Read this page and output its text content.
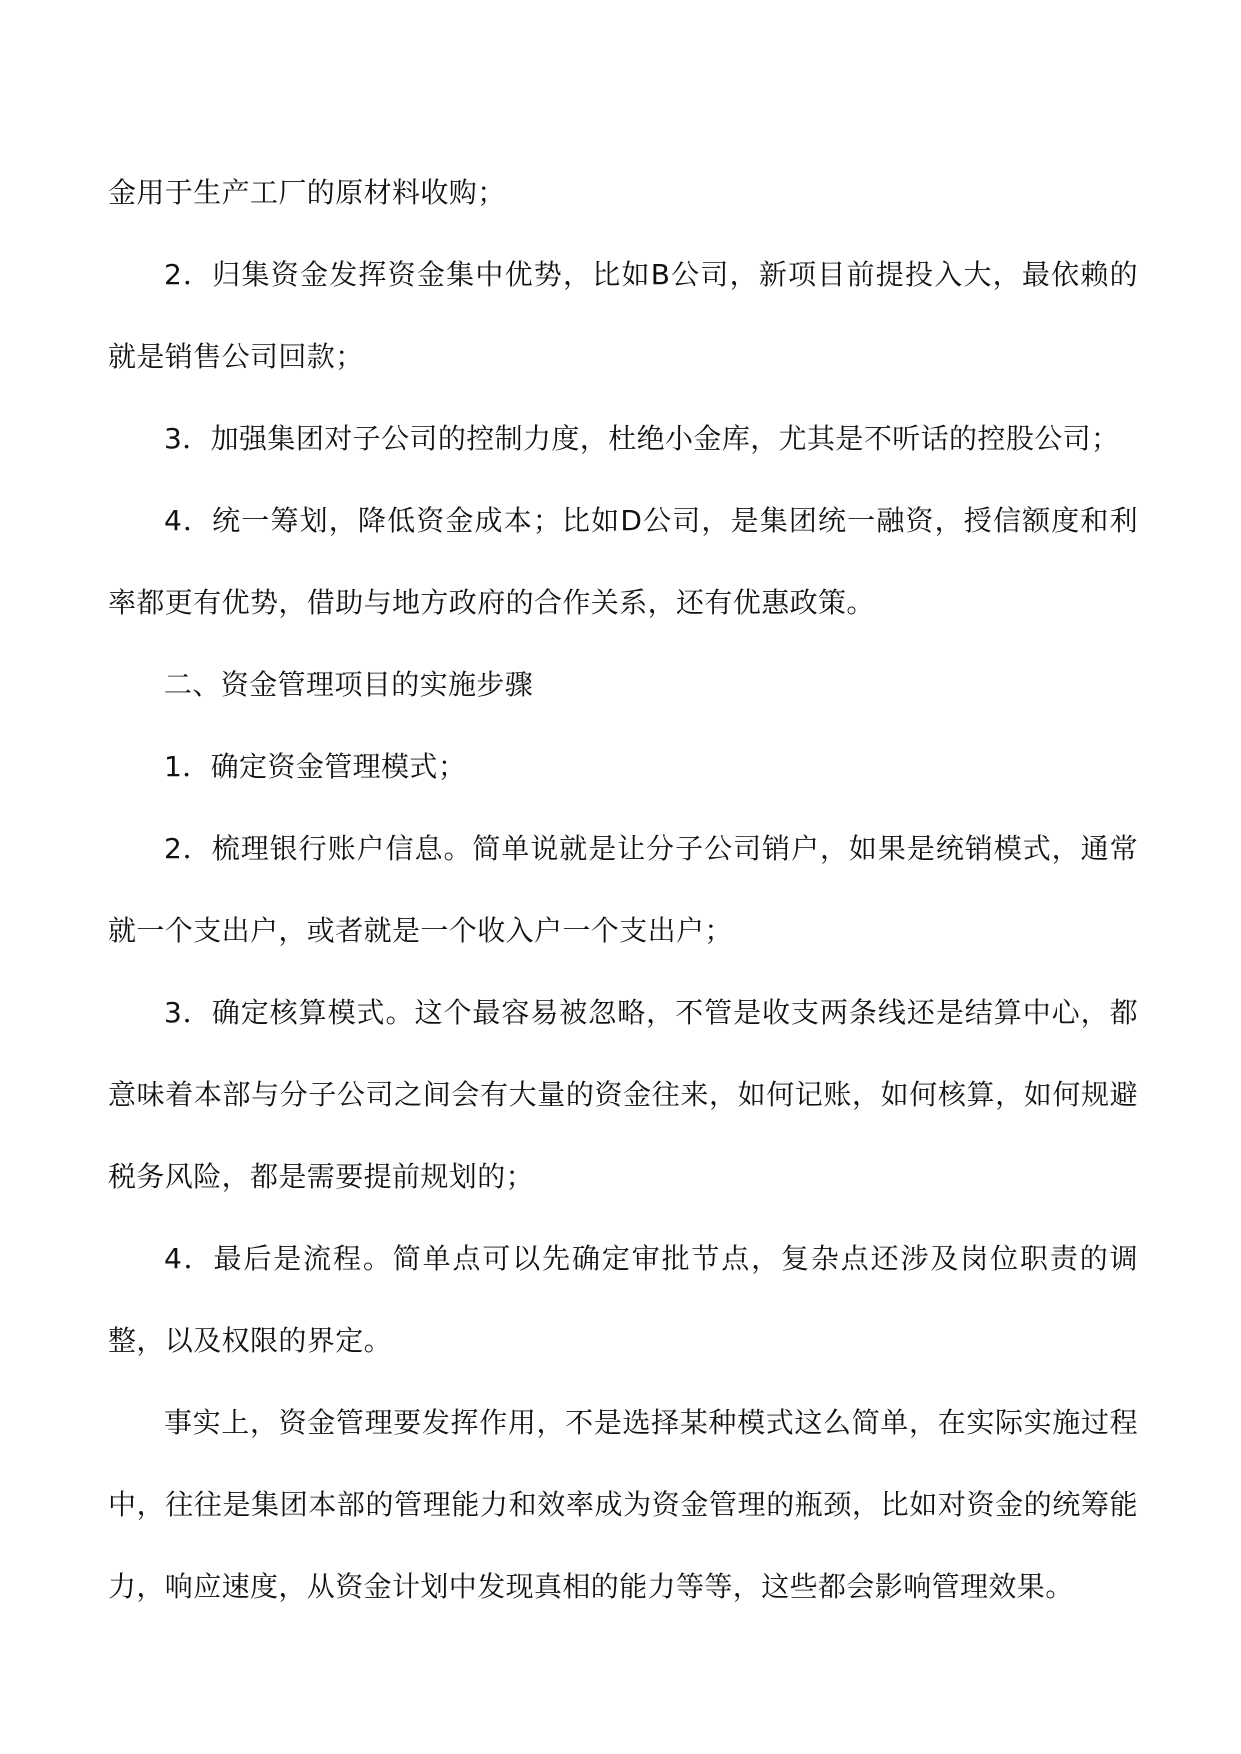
金用于生产工厂的原材料收购；

2．归集资金发挥资金集中优势，比如B公司，新项目前提投入大，最依赖的就是销售公司回款；

3．加强集团对子公司的控制力度，杜绝小金库，尤其是不听话的控股公司；

4．统一筹划，降低资金成本；比如D公司，是集团统一融资，授信额度和利率都更有优势，借助与地方政府的合作关系，还有优惠政策。

二、资金管理项目的实施步骤

1．确定资金管理模式；

2．梳理银行账户信息。简单说就是让分子公司销户，如果是统销模式，通常就一个支出户，或者就是一个收入户一个支出户；

3．确定核算模式。这个最容易被忽略，不管是收支两条线还是结算中心，都意味着本部与分子公司之间会有大量的资金往来，如何记账，如何核算，如何规避税务风险，都是需要提前规划的；

4．最后是流程。简单点可以先确定审批节点，复杂点还涉及岗位职责的调整，以及权限的界定。

事实上，资金管理要发挥作用，不是选择某种模式这么简单，在实际实施过程中，往往是集团本部的管理能力和效率成为资金管理的瓶颈，比如对资金的统筹能力，响应速度，从资金计划中发现真相的能力等等，这些都会影响管理效果。
